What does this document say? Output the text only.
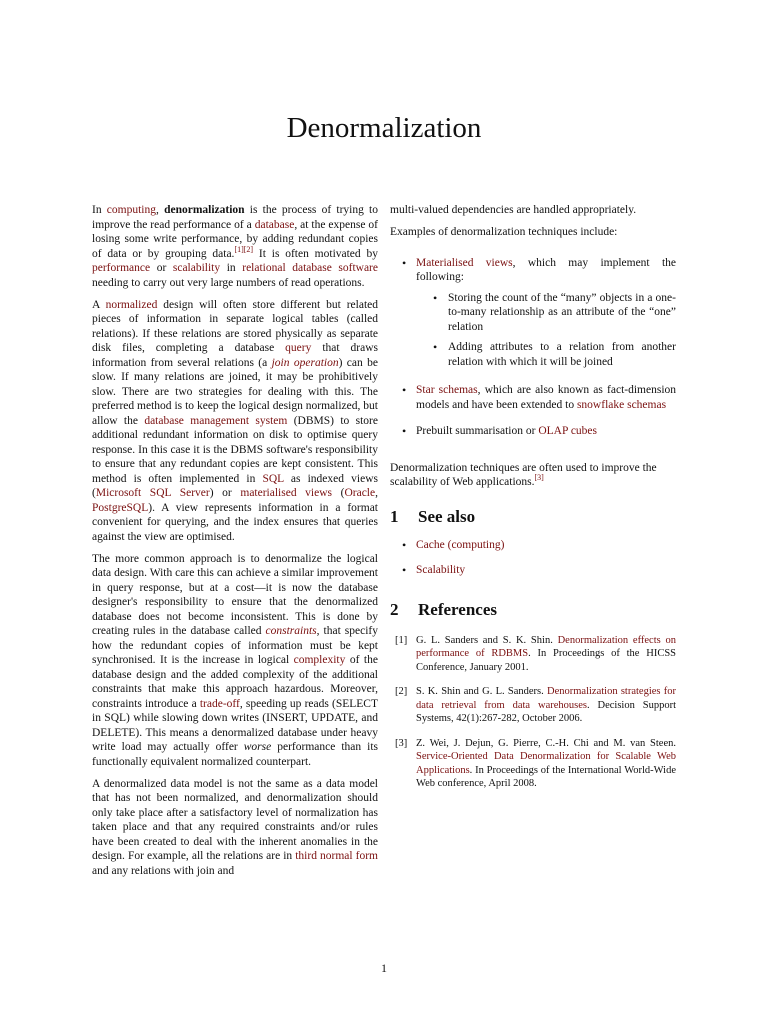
Denormalization

In computing, denormalization is the process of trying to improve the read performance of a database, at the expense of losing some write performance, by adding redundant copies of data or by grouping data.[1][2] It is often motivated by performance or scalability in relational database software needing to carry out very large numbers of read operations.

A normalized design will often store different but related pieces of information in separate logical tables (called relations). If these relations are stored physically as separate disk files, completing a database query that draws information from several relations (a join operation) can be slow. If many relations are joined, it may be prohibitively slow. There are two strategies for dealing with this. The preferred method is to keep the logical design normalized, but allow the database management system (DBMS) to store additional redundant information on disk to optimise query response. In this case it is the DBMS software's responsibility to ensure that any redundant copies are kept consistent. This method is often implemented in SQL as indexed views (Microsoft SQL Server) or materialised views (Oracle, PostgreSQL). A view represents information in a format convenient for querying, and the index ensures that queries against the view are optimised.

The more common approach is to denormalize the logical data design. With care this can achieve a similar improvement in query response, but at a cost—it is now the database designer's responsibility to ensure that the denormalized database does not become inconsistent. This is done by creating rules in the database called constraints, that specify how the redundant copies of information must be kept synchronised. It is the increase in logical complexity of the database design and the added complexity of the additional constraints that make this approach hazardous. Moreover, constraints introduce a trade-off, speeding up reads (SELECT in SQL) while slowing down writes (INSERT, UPDATE, and DELETE). This means a denormalized database under heavy write load may actually offer worse performance than its functionally equivalent normalized counterpart.

A denormalized data model is not the same as a data model that has not been normalized, and denormalization should only take place after a satisfactory level of normalization has taken place and that any required constraints and/or rules have been created to deal with the inherent anomalies in the design. For example, all the relations are in third normal form and any relations with join and

multi-valued dependencies are handled appropriately.

Examples of denormalization techniques include:

• Materialised views, which may implement the following:
• Storing the count of the “many” objects in a one-to-many relationship as an attribute of the “one” relation
• Adding attributes to a relation from another relation with which it will be joined
• Star schemas, which are also known as fact-dimension models and have been extended to snowflake schemas
• Prebuilt summarisation or OLAP cubes

Denormalization techniques are often used to improve the scalability of Web applications.[3]

1 See also
• Cache (computing)
• Scalability
2 References
[1] G. L. Sanders and S. K. Shin. Denormalization effects on performance of RDBMS. In Proceedings of the HICSS Conference, January 2001.
[2] S. K. Shin and G. L. Sanders. Denormalization strategies for data retrieval from data warehouses. Decision Support Systems, 42(1):267-282, October 2006.
[3] Z. Wei, J. Dejun, G. Pierre, C.-H. Chi and M. van Steen. Service-Oriented Data Denormalization for Scalable Web Applications. In Proceedings of the International World-Wide Web conference, April 2008.
1
